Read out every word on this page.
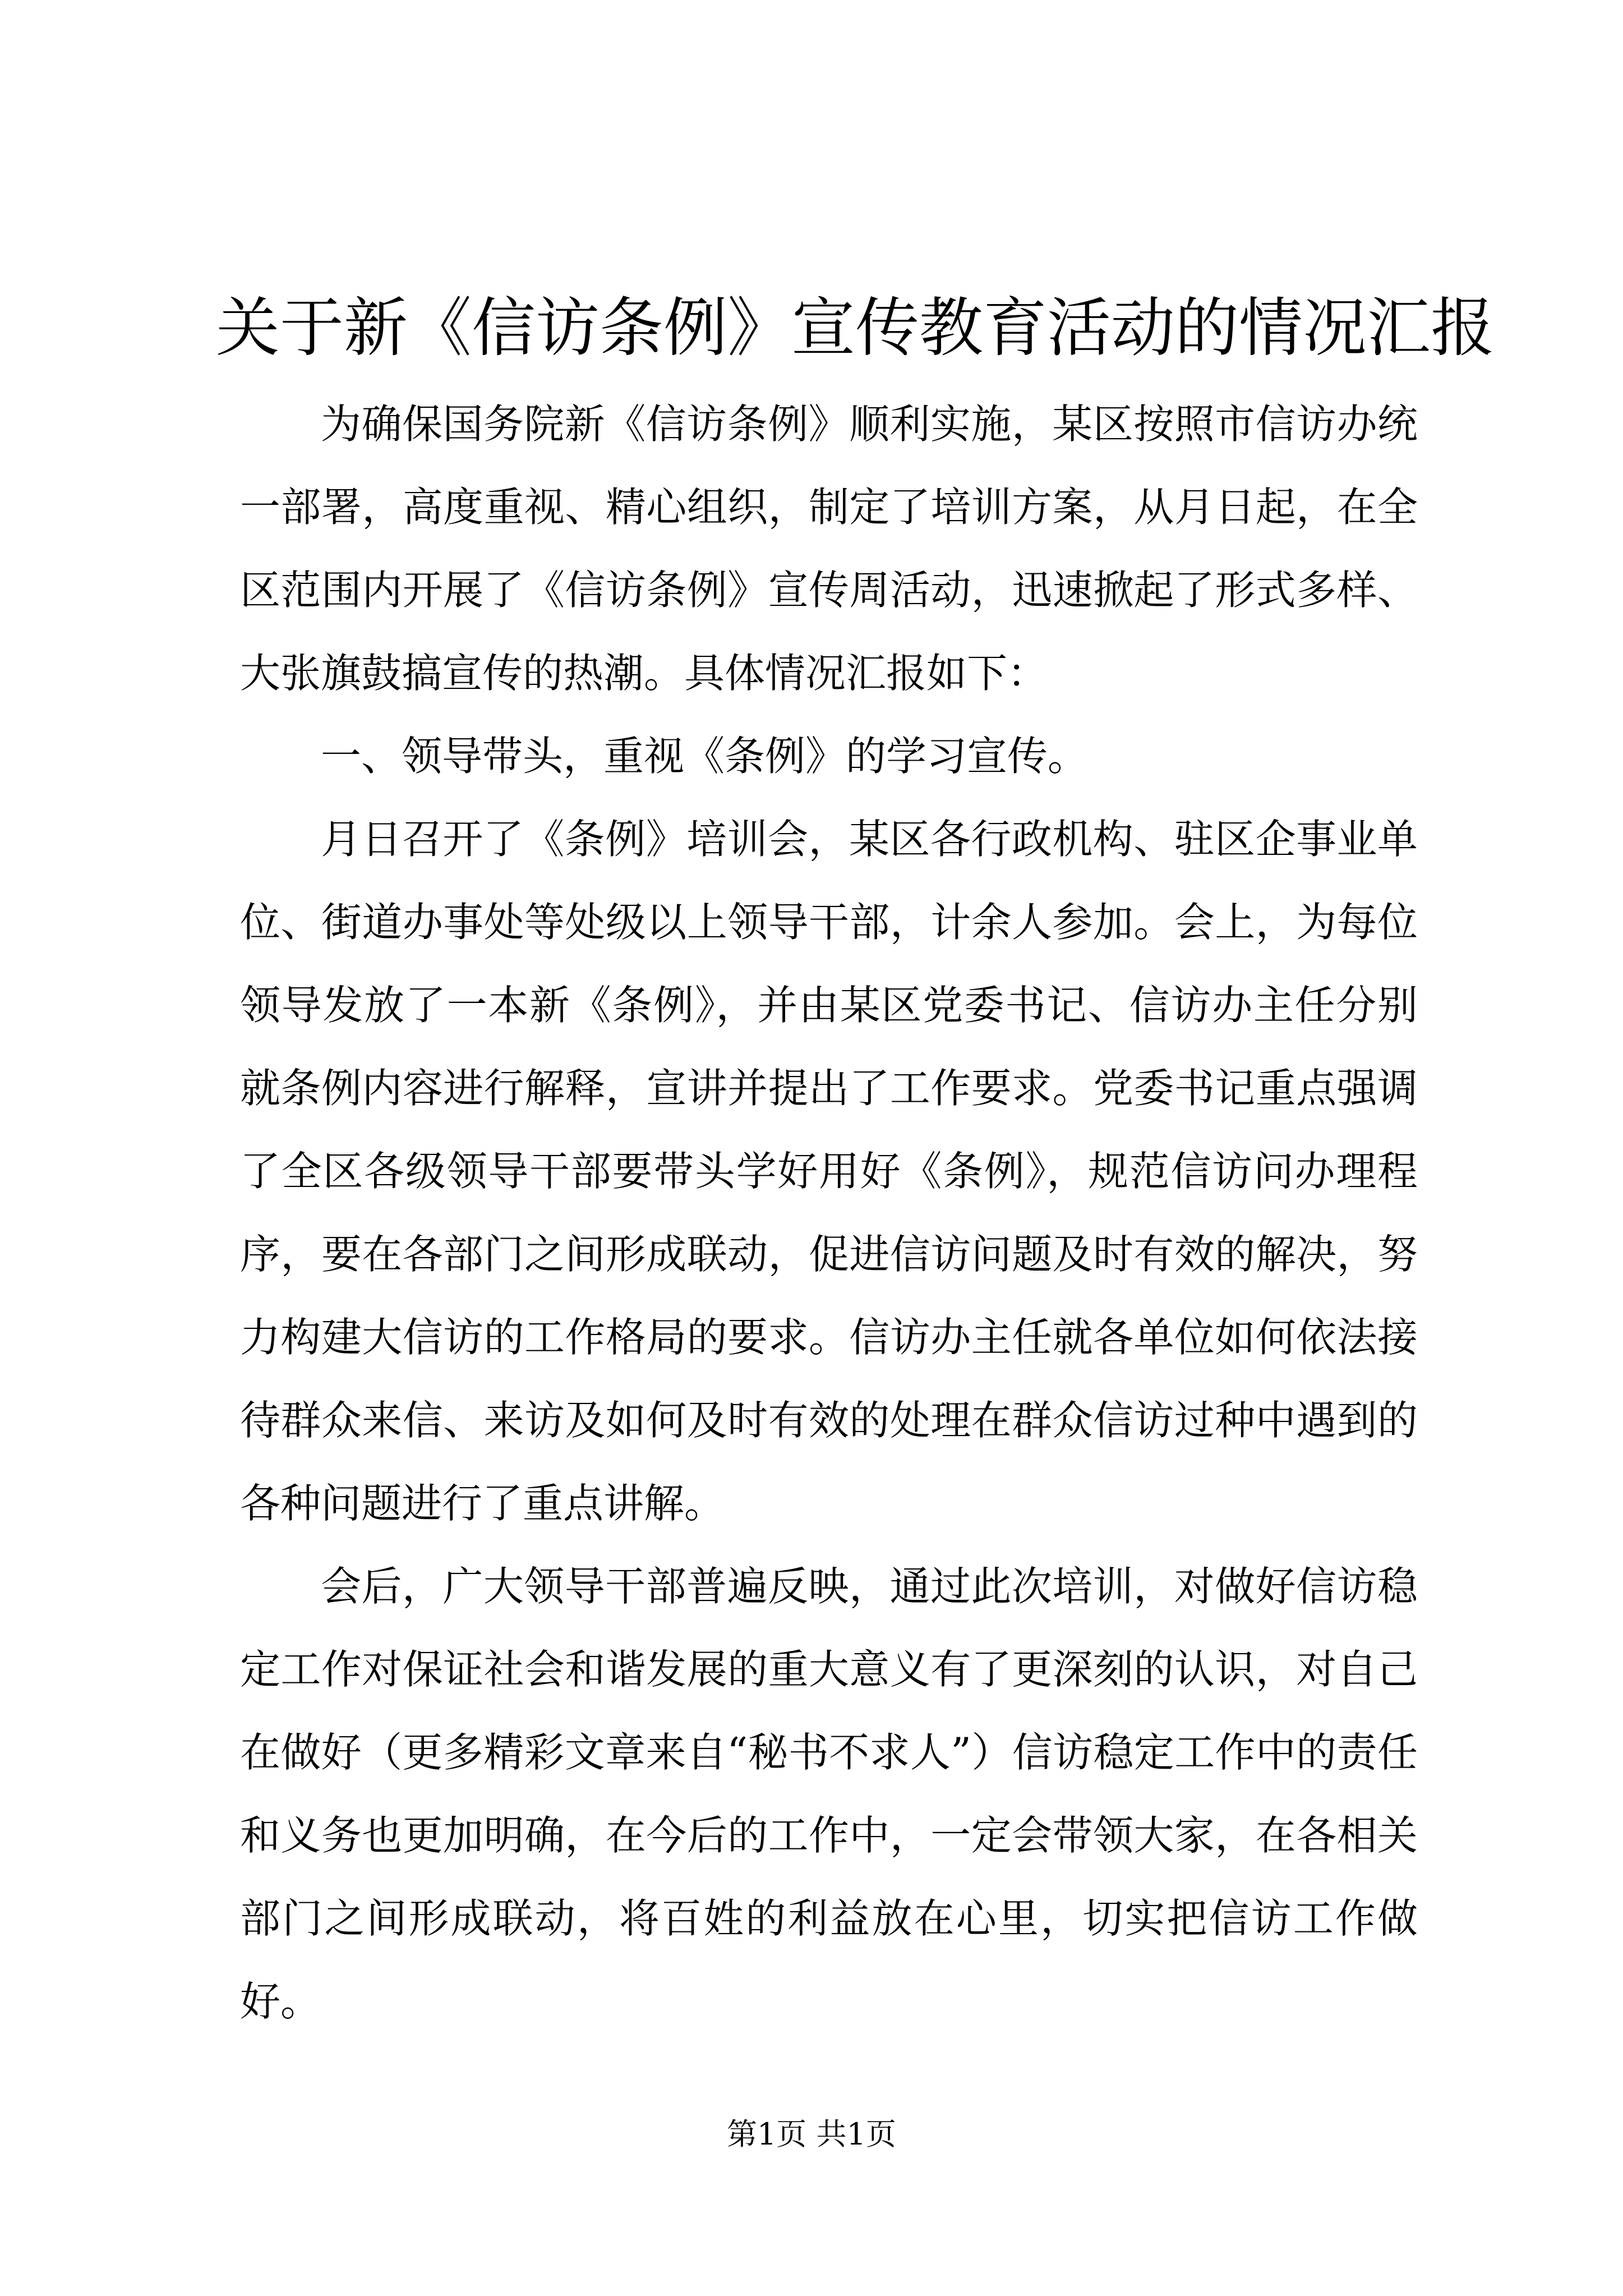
关于新《信访条例》宣传教育活动的情况汇报

为确保国务院新《信访条例》顺利实施，某区按照市信访办统一部署，高度重视、精心组织，制定了培训方案，从月日起，在全区范围内开展了《信访条例》宣传周活动，迅速掀起了形式多样、大张旗鼓搞宣传的热潮。具体情况汇报如下：

一、领导带头，重视《条例》的学习宣传。

月日召开了《条例》培训会，某区各行政机构、驻区企事业单位、街道办事处等处级以上领导干部，计余人参加。会上，为每位领导发放了一本新《条例》，并由某区党委书记、信访办主任分别就条例内容进行解释，宣讲并提出了工作要求。党委书记重点强调了全区各级领导干部要带头学好用好《条例》，规范信访问办理程序，要在各部门之间形成联动，促进信访问题及时有效的解决，努力构建大信访的工作格局的要求。信访办主任就各单位如何依法接待群众来信、来访及如何及时有效的处理在群众信访过种中遇到的各种问题进行了重点讲解。

会后，广大领导干部普遍反映，通过此次培训，对做好信访稳定工作对保证社会和谐发展的重大意义有了更深刻的认识，对自己在做好（更多精彩文章来自“秘书不求人”）信访稳定工作中的责任和义务也更加明确，在今后的工作中，一定会带领大家，在各相关部门之间形成联动，将百姓的利益放在心里，切实把信访工作做好。

第1页 共1页
